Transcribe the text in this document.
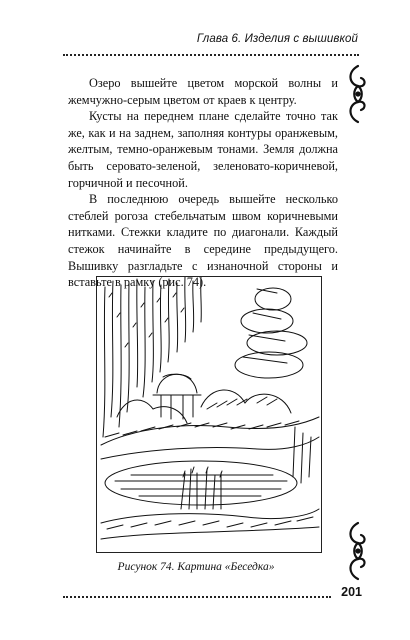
Глава 6. Изделия с вышивкой

Озеро вышейте цветом морской волны и жемчужно-серым цветом от краев к центру.

Кусты на переднем плане сделайте точно так же, как и на заднем, заполняя контуры оранжевым, желтым, темно-оранжевым тонами. Земля должна быть серовато-зеленой, зеленовато-коричневой, горчичной и песочной.

В последнюю очередь вышейте несколько стеблей рогоза стебельчатым швом коричневыми нитками. Стежки кладите по диагонали. Каждый стежок начинайте в середине предыдущего. Вышивку разгладьте с изнаночной стороны и вставьте в рамку (рис. 74).

Рисунок 74. Картина «Беседка»
201
